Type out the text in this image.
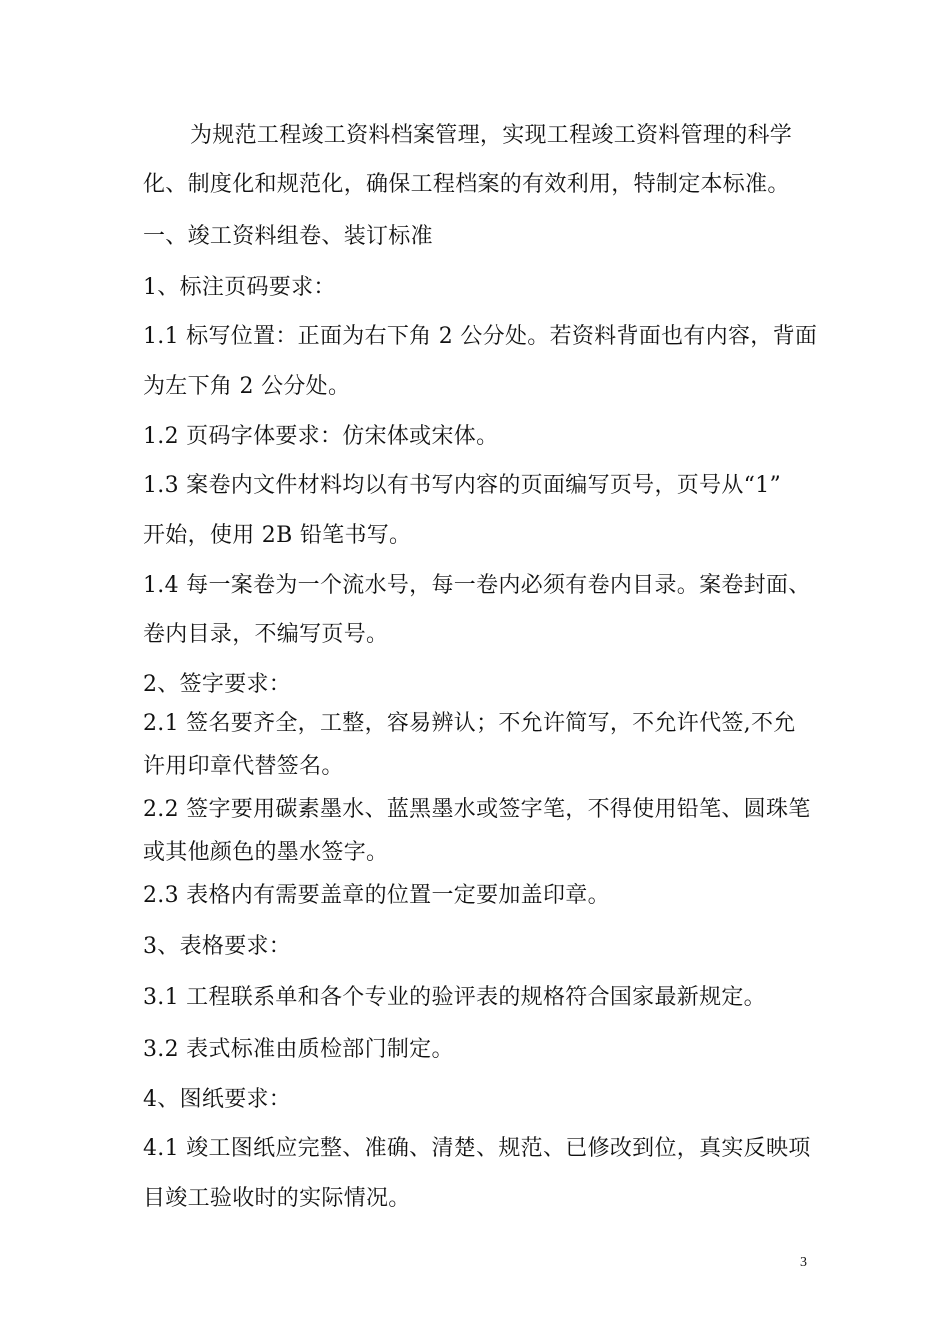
为规范工程竣工资料档案管理，实现工程竣工资料管理的科学
化、制度化和规范化，确保工程档案的有效利用，特制定本标准。
一、竣工资料组卷、装订标准
1、标注页码要求：
1.1 标写位置：正面为右下角 2 公分处。若资料背面也有内容，背面
为左下角 2 公分处。
1.2 页码字体要求：仿宋体或宋体。
1.3 案卷内文件材料均以有书写内容的页面编写页号，页号从“1”
开始，使用 2B 铅笔书写。
1.4 每一案卷为一个流水号，每一卷内必须有卷内目录。案卷封面、
卷内目录，不编写页号。
2、签字要求：
2.1 签名要齐全，工整，容易辨认；不允许简写，不允许代签,不允
许用印章代替签名。
2.2 签字要用碳素墨水、蓝黑墨水或签字笔，不得使用铅笔、圆珠笔
或其他颜色的墨水签字。
2.3 表格内有需要盖章的位置一定要加盖印章。
3、表格要求：
3.1 工程联系单和各个专业的验评表的规格符合国家最新规定。
3.2 表式标准由质检部门制定。
4、图纸要求：
4.1 竣工图纸应完整、准确、清楚、规范、已修改到位，真实反映项
目竣工验收时的实际情况。
3
